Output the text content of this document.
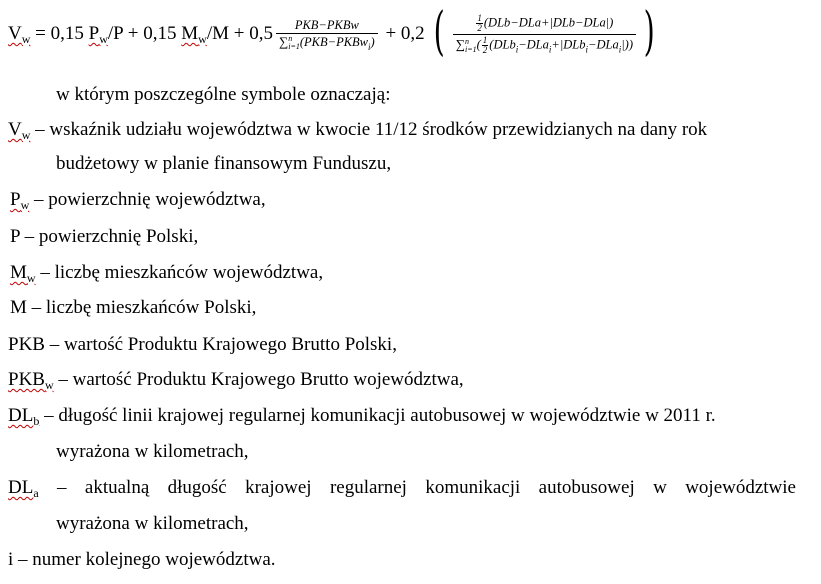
$V_w = 0,15$ $P_w/P + 0,15$ $M_w/M + 0,5$ PKB−PKBw
∑ n
i=1 (PKB−PKBw$_i$) + 0,2 ( $\frac{1}{2} (DLb-DLa+|DLb-DLa|)$
∑ n
i=1 ( $\frac{1}{2} (DLb_i-DLa_i+|DLb_i-DLa_i|)$) )
w którym poszczególne symbole oznaczają:
$V_w$ – wskaźnik udziału województwa w kwocie 11/12 środków przewidzianych na dany rok
budżetowy w planie finansowym Funduszu,
$P_w$ – powierzchnię województwa,
P – powierzchnię Polski,
$M_w$ – liczbę mieszkańców województwa,
M – liczbę mieszkańców Polski,
PKB – wartość Produktu Krajowego Brutto Polski,
$PKB_w$ – wartość Produktu Krajowego Brutto województwa,
$DL_b$ – długość linii krajowej regularnej komunikacji autobusowej w województwie w 2011 r.
wyrażona w kilometrach,
$DL_a$ – aktualną długość krajowej regularnej komunikacji autobusowej w województwie
wyrażona w kilometrach,
i – numer kolejnego województwa.
